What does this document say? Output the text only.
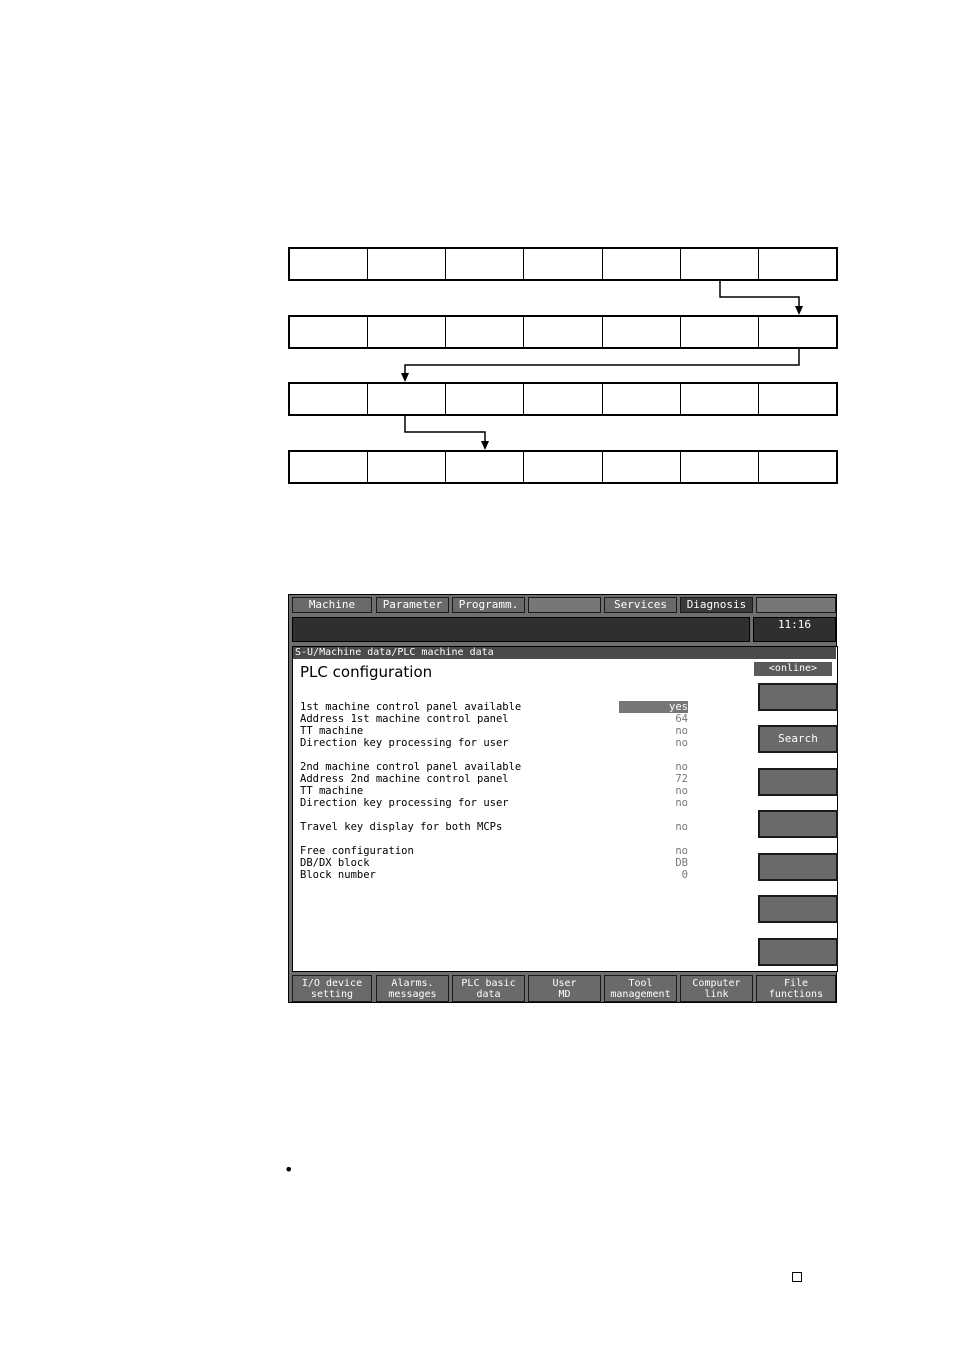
Machine	Parameter	Programm.	Services	Diagnosis
11:16
S-U/Machine data/PLC machine data
PLC configuration	<online>
1st machine control panel available	yes
Address 1st machine control panel	64
TT machine	no
Direction key processing for user	no
2nd machine control panel available	no
Address 2nd machine control panel	72
TT machine	no
Direction key processing for user	no
Travel key display for both MCPs	no
Free configuration	no
DB/DX block	DB
Block number	0
Search
I/O device
setting
Alarms.
messages
PLC basic
data
User
MD
Tool
management
Computer
link
File
functions
•
